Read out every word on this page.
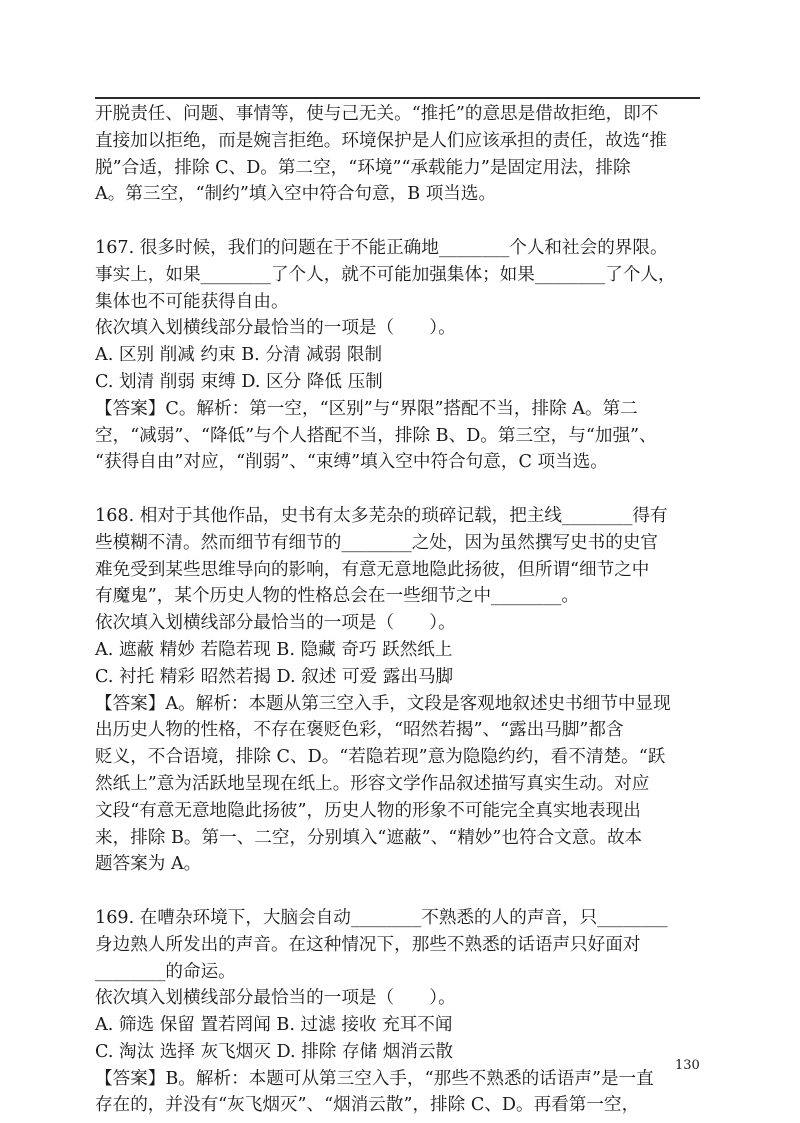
开脱责任、问题、事情等，使与己无关。“推托”的意思是借故拒绝，即不
直接加以拒绝，而是婉言拒绝。环境保护是人们应该承担的责任，故选“推
脱”合适，排除 C、D。第二空，“环境”“承载能力”是固定用法，排除
A。第三空，“制约”填入空中符合句意，B 项当选。
167. 很多时候，我们的问题在于不能正确地________个人和社会的界限。
事实上，如果________了个人，就不可能加强集体；如果________了个人，
集体也不可能获得自由。
依次填入划横线部分最恰当的一项是（　　）。
A. 区别 削减 约束 B. 分清 减弱 限制
C. 划清 削弱 束缚 D. 区分 降低 压制
【答案】C。解析：第一空，“区别”与“界限”搭配不当，排除 A。第二
空，“减弱”、“降低”与个人搭配不当，排除 B、D。第三空，与“加强”、
“获得自由”对应，“削弱”、“束缚”填入空中符合句意，C 项当选。
168. 相对于其他作品，史书有太多芜杂的琐碎记载，把主线________得有
些模糊不清。然而细节有细节的________之处，因为虽然撰写史书的史官
难免受到某些思维导向的影响，有意无意地隐此扬彼，但所谓“细节之中
有魔鬼”，某个历史人物的性格总会在一些细节之中________。
依次填入划横线部分最恰当的一项是（　　）。
A. 遮蔽 精妙 若隐若现 B. 隐藏 奇巧 跃然纸上
C. 衬托 精彩 昭然若揭 D. 叙述 可爱 露出马脚
【答案】A。解析：本题从第三空入手，文段是客观地叙述史书细节中显现
出历史人物的性格，不存在褒贬色彩，“昭然若揭”、“露出马脚”都含
贬义，不合语境，排除 C、D。“若隐若现”意为隐隐约约，看不清楚。“跃
然纸上”意为活跃地呈现在纸上。形容文学作品叙述描写真实生动。对应
文段“有意无意地隐此扬彼”，历史人物的形象不可能完全真实地表现出
来，排除 B。第一、二空，分别填入“遮蔽”、“精妙”也符合文意。故本
题答案为 A。
169. 在嘈杂环境下，大脑会自动________不熟悉的人的声音，只________
身边熟人所发出的声音。在这种情况下，那些不熟悉的话语声只好面对
________的命运。
依次填入划横线部分最恰当的一项是（　　）。
A. 筛选 保留 置若罔闻 B. 过滤 接收 充耳不闻
C. 淘汰 选择 灰飞烟灭 D. 排除 存储 烟消云散
【答案】B。解析：本题可从第三空入手，“那些不熟悉的话语声”是一直
存在的，并没有“灰飞烟灭”、“烟消云散”，排除 C、D。再看第一空，
130
